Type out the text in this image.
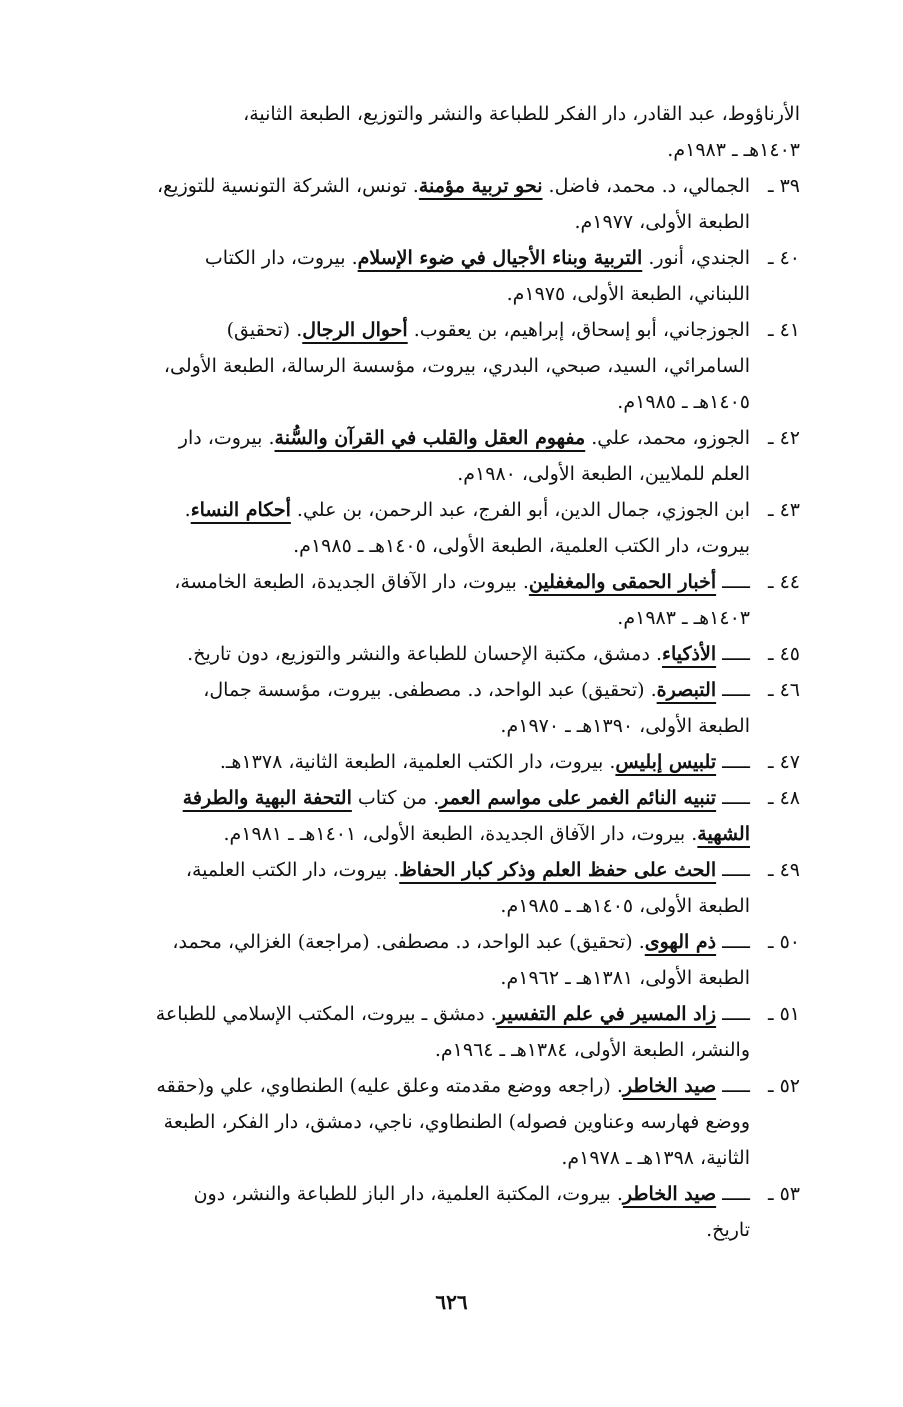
الأرناؤوط، عبد القادر، دار الفكر للطباعة والنشر والتوزيع، الطبعة الثانية،
١٤٠٣هـ ـ ١٩٨٣م.
٣٩ ـ
الجمالي، د. محمد، فاضل. نحو تربية مؤمنة. تونس، الشركة التونسية للتوزيع،
الطبعة الأولى، ١٩٧٧م.
٤٠ ـ
الجندي، أنور. التربية وبناء الأجيال في ضوء الإسلام. بيروت، دار الكتاب
اللبناني، الطبعة الأولى، ١٩٧٥م.
٤١ ـ
الجوزجاني، أبو إسحاق، إبراهيم، بن يعقوب. أحوال الرجال. (تحقيق)
السامرائي، السيد، صبحي، البدري، بيروت، مؤسسة الرسالة، الطبعة الأولى،
١٤٠٥هـ ـ ١٩٨٥م.
٤٢ ـ
الجوزو، محمد، علي. مفهوم العقل والقلب في القرآن والسُّنة. بيروت، دار
العلم للملايين، الطبعة الأولى، ١٩٨٠م.
٤٣ ـ
ابن الجوزي، جمال الدين، أبو الفرج، عبد الرحمن، بن علي. أحكام النساء.
بيروت، دار الكتب العلمية، الطبعة الأولى، ١٤٠٥هـ ـ ١٩٨٥م.
٤٤ ـ
ـــــ أخبار الحمقى والمغفلين. بيروت، دار الآفاق الجديدة، الطبعة الخامسة،
١٤٠٣هـ ـ ١٩٨٣م.
٤٥ ـ
ـــــ الأذكياء. دمشق، مكتبة الإحسان للطباعة والنشر والتوزيع، دون تاريخ.
٤٦ ـ
ـــــ التبصرة. (تحقيق) عبد الواحد، د. مصطفى. بيروت، مؤسسة جمال،
الطبعة الأولى، ١٣٩٠هـ ـ ١٩٧٠م.
٤٧ ـ
ـــــ تلبيس إبليس. بيروت، دار الكتب العلمية، الطبعة الثانية، ١٣٧٨هـ.
٤٨ ـ
ـــــ تنبيه النائم الغمر على مواسم العمر. من كتاب التحفة البهية والطرفة
الشهية. بيروت، دار الآفاق الجديدة، الطبعة الأولى، ١٤٠١هـ ـ ١٩٨١م.
٤٩ ـ
ـــــ الحث على حفظ العلم وذكر كبار الحفاظ. بيروت، دار الكتب العلمية،
الطبعة الأولى، ١٤٠٥هـ ـ ١٩٨٥م.
٥٠ ـ
ـــــ ذم الهوى. (تحقيق) عبد الواحد، د. مصطفى. (مراجعة) الغزالي، محمد،
الطبعة الأولى، ١٣٨١هـ ـ ١٩٦٢م.
٥١ ـ
ـــــ زاد المسير في علم التفسير. دمشق ـ بيروت، المكتب الإسلامي للطباعة
والنشر، الطبعة الأولى، ١٣٨٤هـ ـ ١٩٦٤م.
٥٢ ـ
ـــــ صيد الخاطر. (راجعه ووضع مقدمته وعلق عليه) الطنطاوي، علي و(حققه
ووضع فهارسه وعناوين فصوله) الطنطاوي، ناجي، دمشق، دار الفكر، الطبعة
الثانية، ١٣٩٨هـ ـ ١٩٧٨م.
٥٣ ـ
ـــــ صيد الخاطر. بيروت، المكتبة العلمية، دار الباز للطباعة والنشر، دون
تاريخ.
٦٢٦
